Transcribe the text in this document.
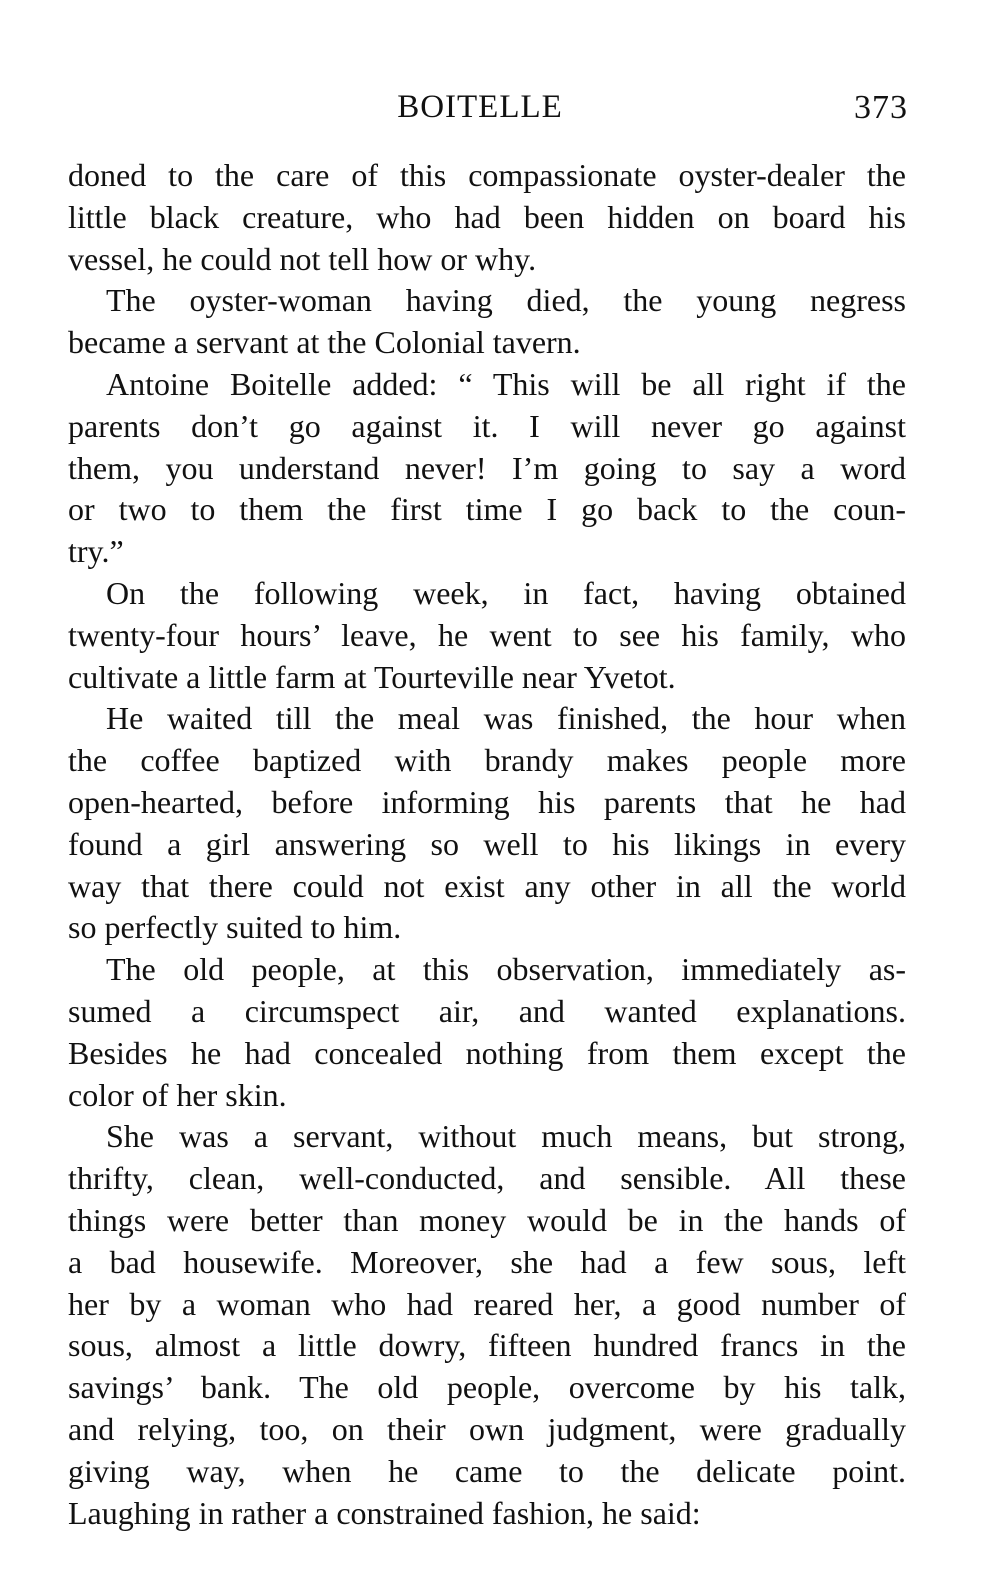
BOITELLE	373
doned to the care of this compassionate oyster-dealer the
little black creature, who had been hidden on board his
vessel, he could not tell how or why.
The oyster-woman having died, the young negress
became a servant at the Colonial tavern.
Antoine Boitelle added: “ This will be all right if the
parents don’t go against it. I will never go against
them, you understand never! I’m going to say a word
or two to them the first time I go back to the coun-
try.”
On the following week, in fact, having obtained
twenty-four hours’ leave, he went to see his family, who
cultivate a little farm at Tourteville near Yvetot.
He waited till the meal was finished, the hour when
the coffee baptized with brandy makes people more
open-hearted, before informing his parents that he had
found a girl answering so well to his likings in every
way that there could not exist any other in all the world
so perfectly suited to him.
The old people, at this observation, immediately as-
sumed a circumspect air, and wanted explanations.
Besides he had concealed nothing from them except the
color of her skin.
She was a servant, without much means, but strong,
thrifty, clean, well-conducted, and sensible. All these
things were better than money would be in the hands of
a bad housewife. Moreover, she had a few sous, left
her by a woman who had reared her, a good number of
sous, almost a little dowry, fifteen hundred francs in the
savings’ bank. The old people, overcome by his talk,
and relying, too, on their own judgment, were gradually
giving way, when he came to the delicate point.
Laughing in rather a constrained fashion, he said:
